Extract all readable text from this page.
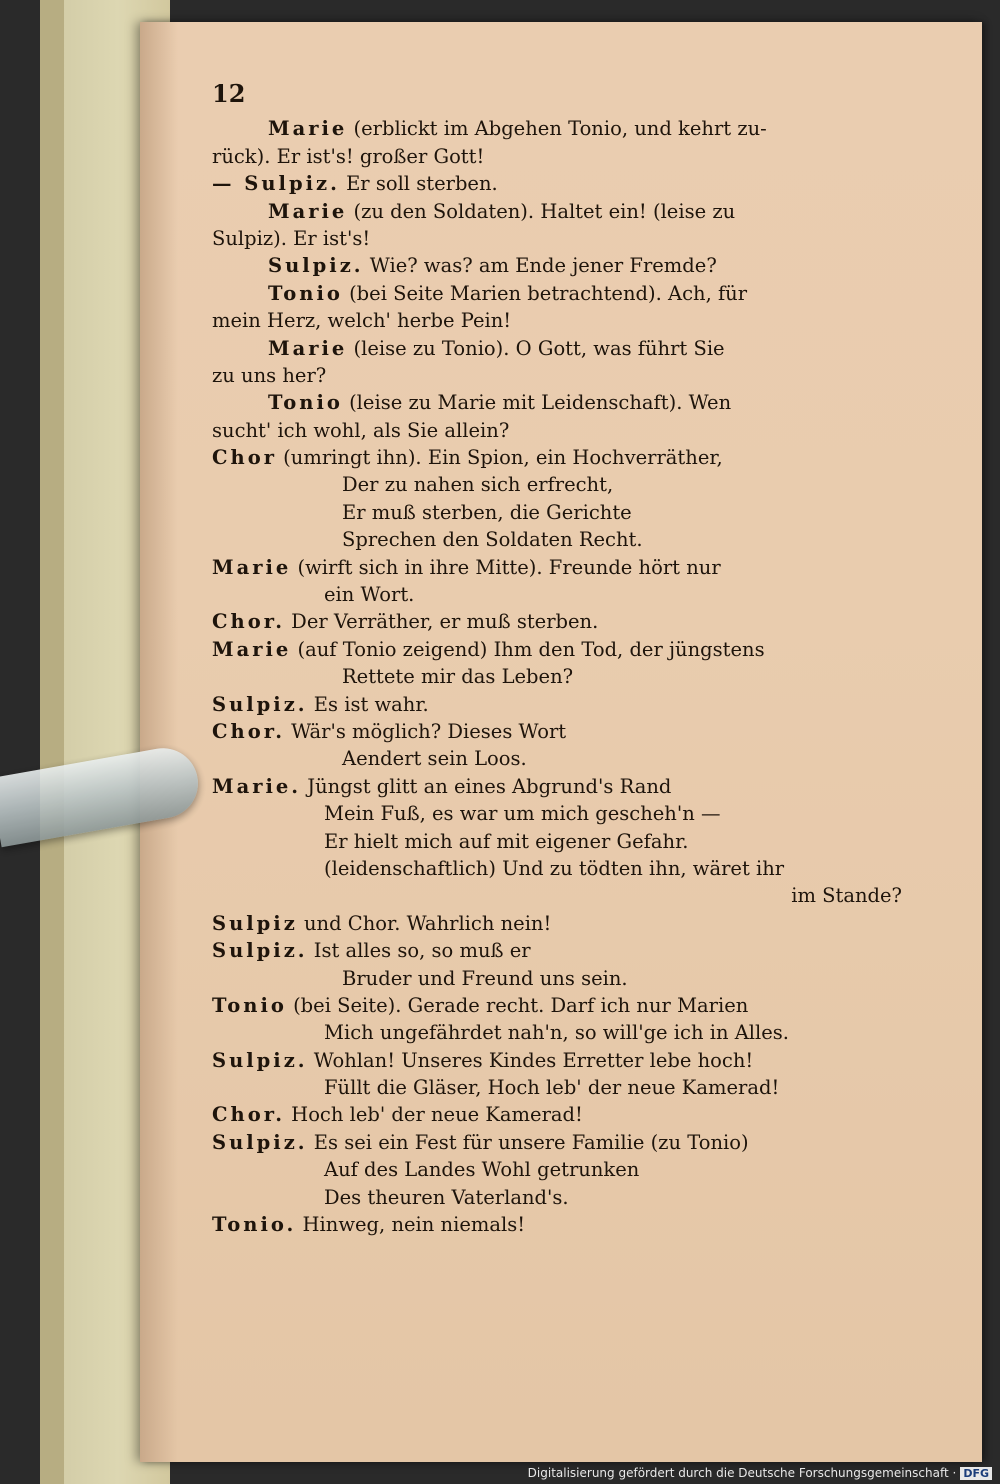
12
Marie (erblickt im Abgehen Tonio, und kehrt zu-
rück). Er ist's! großer Gott!
— Sulpiz. Er soll sterben.
Marie (zu den Soldaten). Haltet ein! (leise zu
Sulpiz). Er ist's!
Sulpiz. Wie? was? am Ende jener Fremde?
Tonio (bei Seite Marien betrachtend). Ach, für
mein Herz, welch' herbe Pein!
Marie (leise zu Tonio). O Gott, was führt Sie
zu uns her?
Tonio (leise zu Marie mit Leidenschaft). Wen
sucht' ich wohl, als Sie allein?
Chor (umringt ihn). Ein Spion, ein Hochverräther,
Der zu nahen sich erfrecht,
Er muß sterben, die Gerichte
Sprechen den Soldaten Recht.
Marie (wirft sich in ihre Mitte). Freunde hört nur
ein Wort.
Chor. Der Verräther, er muß sterben.
Marie (auf Tonio zeigend) Ihm den Tod, der jüngstens
Rettete mir das Leben?
Sulpiz. Es ist wahr.
Chor. Wär's möglich? Dieses Wort
Aendert sein Loos.
Marie. Jüngst glitt an eines Abgrund's Rand
Mein Fuß, es war um mich gescheh'n —
Er hielt mich auf mit eigener Gefahr.
(leidenschaftlich) Und zu tödten ihn, wäret ihr
im Stande?
Sulpiz und Chor. Wahrlich nein!
Sulpiz. Ist alles so, so muß er
Bruder und Freund uns sein.
Tonio (bei Seite). Gerade recht. Darf ich nur Marien
Mich ungefährdet nah'n, so will'ge ich in Alles.
Sulpiz. Wohlan! Unseres Kindes Erretter lebe hoch!
Füllt die Gläser, Hoch leb' der neue Kamerad!
Chor. Hoch leb' der neue Kamerad!
Sulpiz. Es sei ein Fest für unsere Familie (zu Tonio)
Auf des Landes Wohl getrunken
Des theuren Vaterland's.
Tonio. Hinweg, nein niemals!
Digitalisierung gefördert durch die Deutsche Forschungsgemeinschaft · DFG
